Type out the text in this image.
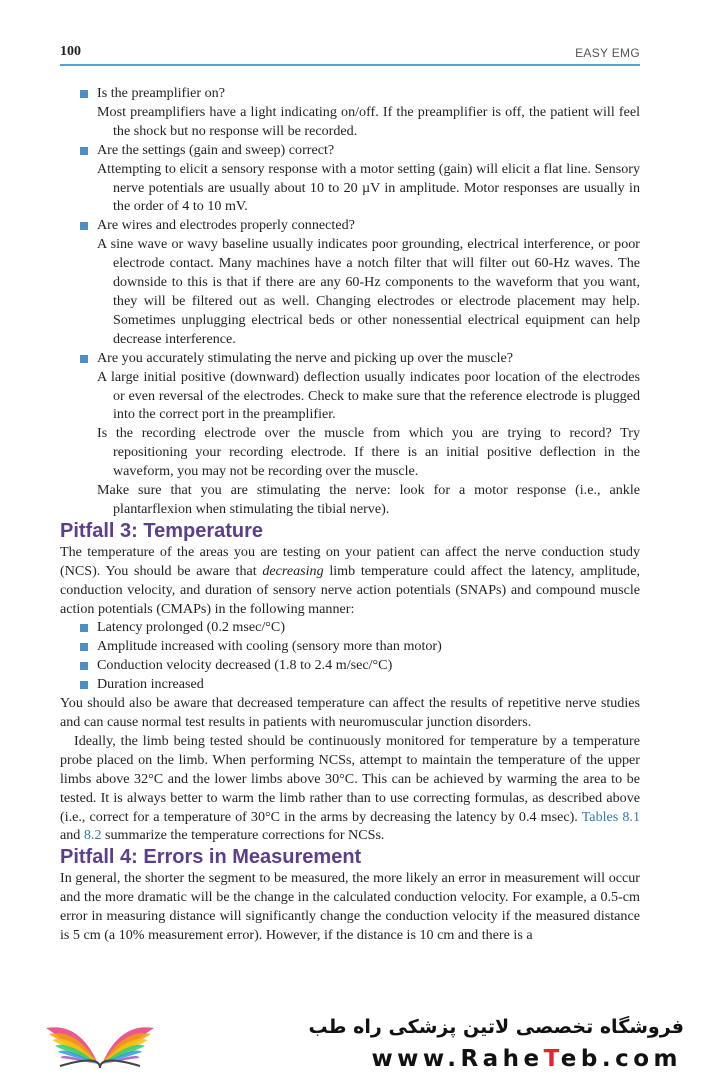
100	EASY EMG

Is the preamplifier on?

Most preamplifiers have a light indicating on/off. If the preamplifier is off, the patient will feel the shock but no response will be recorded.

Are the settings (gain and sweep) correct?

Attempting to elicit a sensory response with a motor setting (gain) will elicit a flat line. Sensory nerve potentials are usually about 10 to 20 µV in amplitude. Motor responses are usually in the order of 4 to 10 mV.

Are wires and electrodes properly connected?

A sine wave or wavy baseline usually indicates poor grounding, electrical interference, or poor electrode contact. Many machines have a notch filter that will filter out 60-Hz waves. The downside to this is that if there are any 60-Hz components to the waveform that you want, they will be filtered out as well. Changing electrodes or electrode placement may help. Sometimes unplugging electrical beds or other nonessential electrical equipment can help decrease interference.

Are you accurately stimulating the nerve and picking up over the muscle?

A large initial positive (downward) deflection usually indicates poor location of the electrodes or even reversal of the electrodes. Check to make sure that the reference electrode is plugged into the correct port in the preamplifier.

Is the recording electrode over the muscle from which you are trying to record? Try repositioning your recording electrode. If there is an initial positive deflection in the waveform, you may not be recording over the muscle.

Make sure that you are stimulating the nerve: look for a motor response (i.e., ankle plantarflexion when stimulating the tibial nerve).

Pitfall 3: Temperature

The temperature of the areas you are testing on your patient can affect the nerve conduction study (NCS). You should be aware that decreasing limb temperature could affect the latency, amplitude, conduction velocity, and duration of sensory nerve action potentials (SNAPs) and compound muscle action potentials (CMAPs) in the following manner:

Latency prolonged (0.2 msec/°C)

Amplitude increased with cooling (sensory more than motor)

Conduction velocity decreased (1.8 to 2.4 m/sec/°C)

Duration increased

You should also be aware that decreased temperature can affect the results of repetitive nerve studies and can cause normal test results in patients with neuromuscular junction disorders.

Ideally, the limb being tested should be continuously monitored for temperature by a temperature probe placed on the limb. When performing NCSs, attempt to maintain the temperature of the upper limbs above 32°C and the lower limbs above 30°C. This can be achieved by warming the area to be tested. It is always better to warm the limb rather than to use correcting formulas, as described above (i.e., correct for a temperature of 30°C in the arms by decreasing the latency by 0.4 msec). Tables 8.1 and 8.2 summarize the temperature corrections for NCSs.

Pitfall 4: Errors in Measurement

In general, the shorter the segment to be measured, the more likely an error in measurement will occur and the more dramatic will be the change in the calculated conduction velocity. For example, a 0.5-cm error in measuring distance will significantly change the conduction velocity if the measured distance is 5 cm (a 10% measurement error). However, if the distance is 10 cm and there is a

فروشگاه تخصصی لاتین پزشکی راه طب
www.RaheTeb.com
